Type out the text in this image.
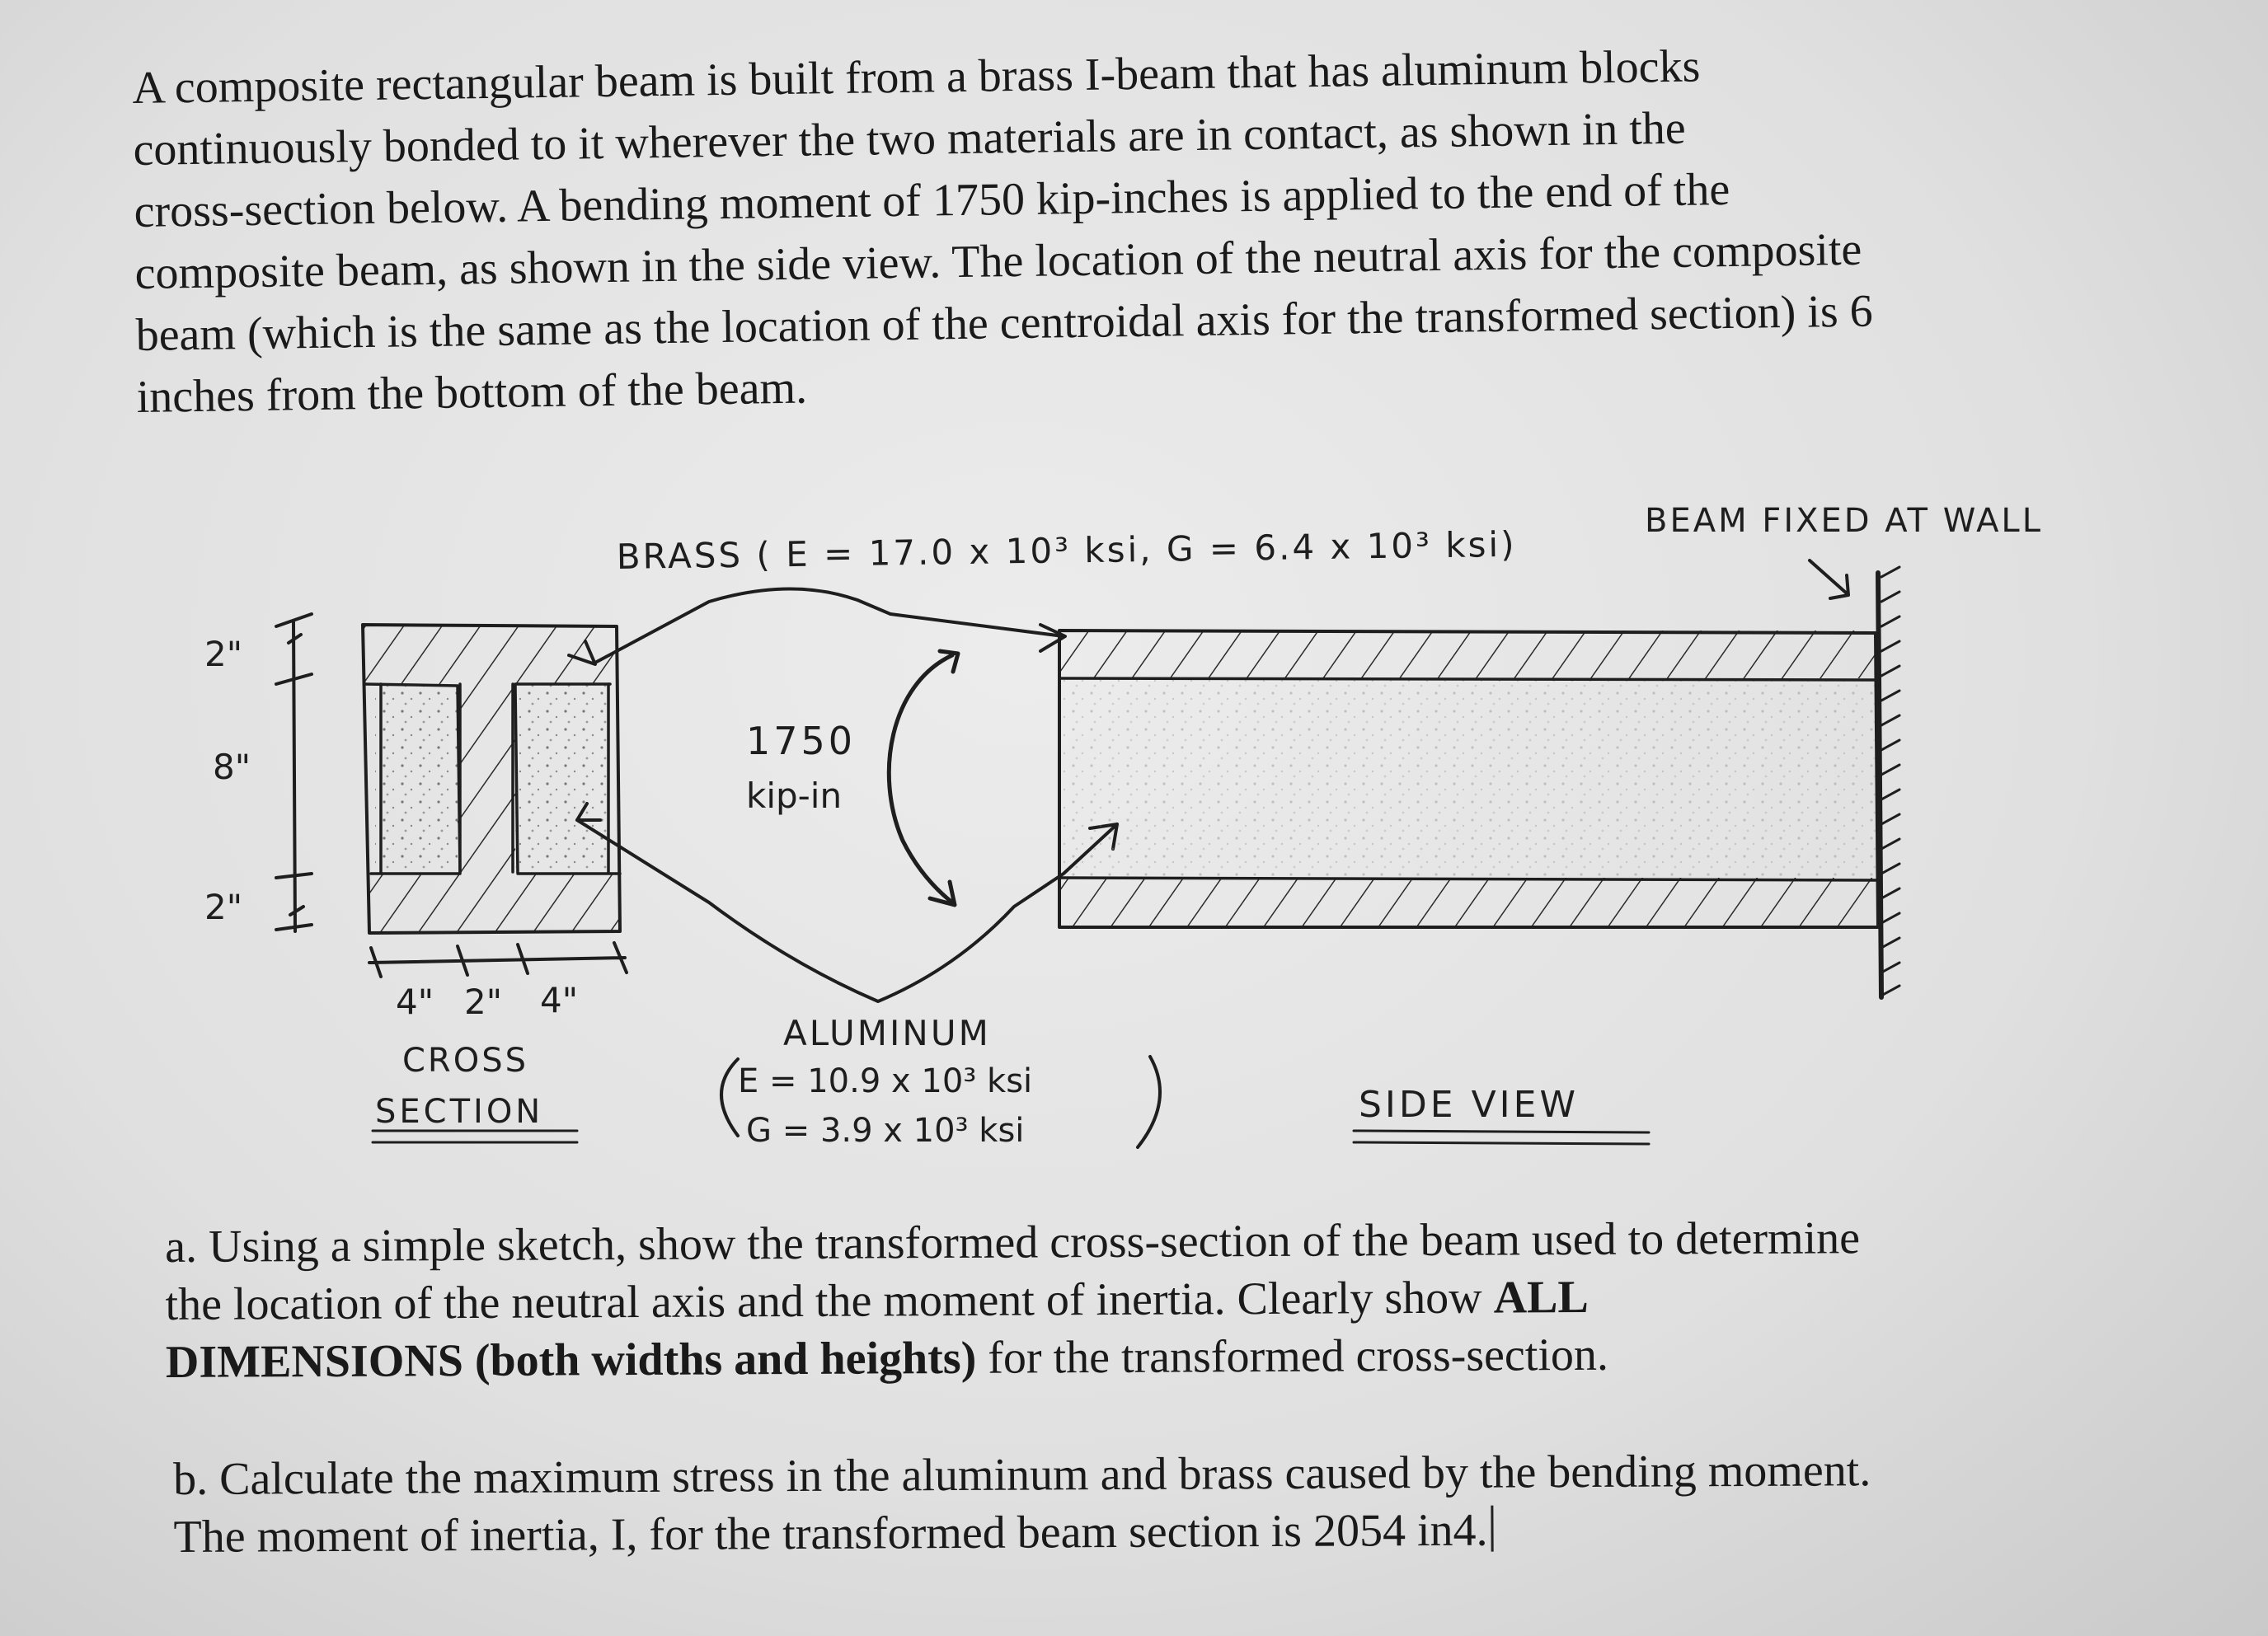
A composite rectangular beam is built from a brass I-beam that has aluminum blocks
continuously bonded to it wherever the two materials are in contact, as shown in the
cross-section below. A bending moment of 1750 kip-inches is applied to the end of the
composite beam, as shown in the side view. The location of the neutral axis for the composite
beam (which is the same as the location of the centroidal axis for the transformed section) is 6
inches from the bottom of the beam.
2"
8"
2"
4" 2" 4"
CROSS
SECTION
BRASS ( E = 17.0 x 10³ ksi, G = 6.4 x 10³ ksi)
BEAM FIXED AT WALL
1750
kip-in
ALUMINUM
E = 10.9 x 10³ ksi
G = 3.9 x 10³ ksi
SIDE VIEW
a. Using a simple sketch, show the transformed cross-section of the beam used to determine
the location of the neutral axis and the moment of inertia. Clearly show ALL
DIMENSIONS (both widths and heights) for the transformed cross-section.
b. Calculate the maximum stress in the aluminum and brass caused by the bending moment.
The moment of inertia, I, for the transformed beam section is 2054 in4.
